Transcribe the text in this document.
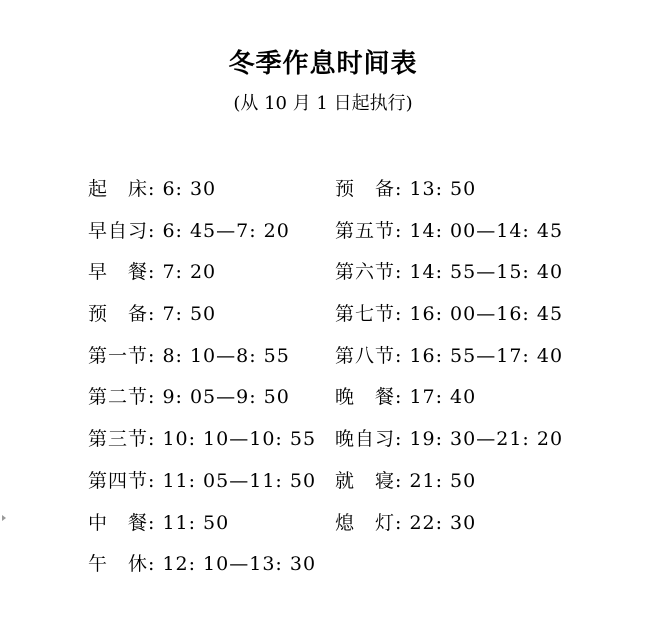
冬季作息时间表
(从 10 月 1 日起执行)
起　床: 6: 30
早自习: 6: 45—7: 20
早　餐: 7: 20
预　备: 7: 50
第一节: 8: 10—8: 55
第二节: 9: 05—9: 50
第三节: 10: 10—10: 55
第四节: 11: 05—11: 50
中　餐: 11: 50
午　休: 12: 10—13: 30
预　备: 13: 50
第五节: 14: 00—14: 45
第六节: 14: 55—15: 40
第七节: 16: 00—16: 45
第八节: 16: 55—17: 40
晚　餐: 17: 40
晚自习: 19: 30—21: 20
就　寝: 21: 50
熄　灯: 22: 30
